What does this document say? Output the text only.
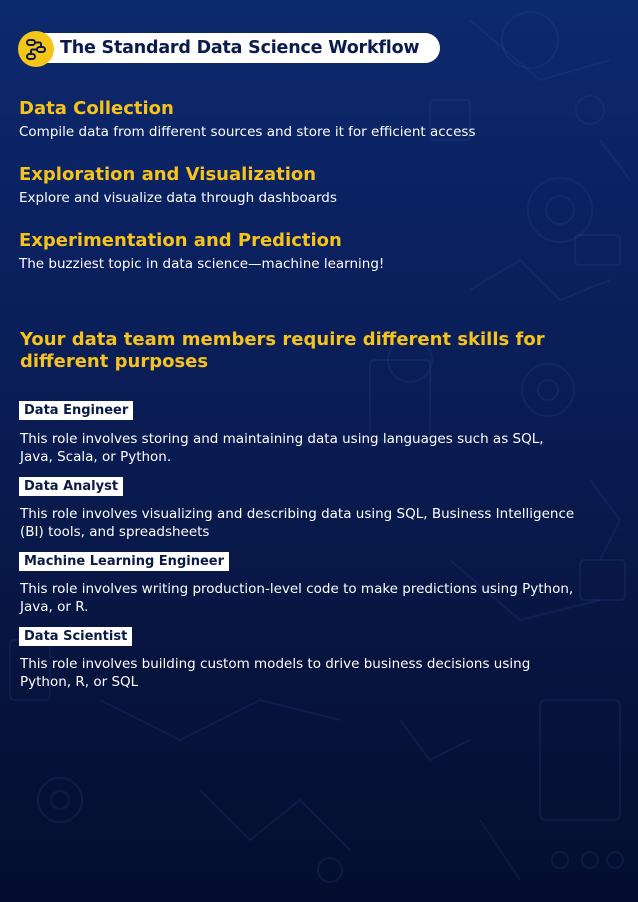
The Standard Data Science Workflow
Data Collection
Compile data from different sources and store it for efficient access
Exploration and Visualization
Explore and visualize data through dashboards
Experimentation and Prediction
The buzziest topic in data science—machine learning!
Your data team members require different skills for different purposes
Data Engineer
This role involves storing and maintaining data using languages such as SQL, Java, Scala, or Python.
Data Analyst
This role involves visualizing and describing data using SQL, Business Intelligence (BI) tools, and spreadsheets
Machine Learning Engineer
This role involves writing production-level code to make predictions using Python, Java, or R.
Data Scientist
This role involves building custom models to drive business decisions using Python, R, or SQL
